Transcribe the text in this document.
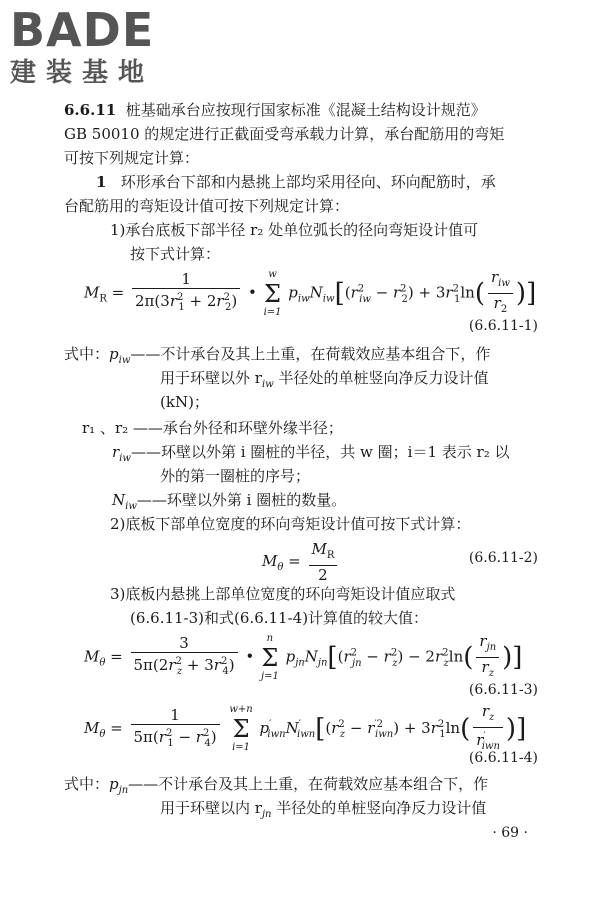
BADE
建装基地
6.6.11 桩基础承台应按现行国家标准《混凝土结构设计规范》
GB 50010 的规定进行正截面受弯承载力计算，承台配筋用的弯矩
可按下列规定计算：
1 环形承台下部和内悬挑上部均采用径向、环向配筋时，承
台配筋用的弯矩设计值可按下列规定计算：
1)承台底板下部半径 r₂ 处单位弧长的径向弯矩设计值可
按下式计算：
$M_R = \frac{1}{2\pi(3r^2_1 + 2r^2_2)}$ •
w
Σ
i=1
$p_{iw}N_{iw}[(r^2_{iw} - r^2_2) + 3r^2_1\ln( \frac{r_{iw}}{r_2}$ )]
(6.6.11-1)
式中：$p_{iw}——$不计承台及其上土重，在荷载效应基本组合下，作
用于环壁以外 $r_{iw}$ 半径处的单桩竖向净反力设计值
(kN)；
r₁ 、r₂ ——承台外径和环壁外缘半径；
$r_{iw}——$环壁以外第 i 圈桩的半径，共 w 圈；i＝1 表示 r₂ 以
外的第一圈桩的序号；
$N_{iw}——$环壁以外第 i 圈桩的数量。
2)底板下部单位宽度的环向弯矩设计值可按下式计算：
$M_\theta = \frac{M_R}{2}$	(6.6.11-2)
3)底板内悬挑上部单位宽度的环向弯矩设计值应取式
(6.6.11-3)和式(6.6.11-4)计算值的较大值：
$M_\theta = \frac{3}{5\pi(2r^2_z + 3r^2_4)}$ •
n
Σ
j=1
$p_{jn}N_{jn}[(r^2_{jn} - r^2_z) - 2r^2_z\ln( \frac{r_{jn}}{r_z}$ )]
(6.6.11-3)
$M_\theta = \frac{1}{5\pi(r^2_1 - r^2_4)}$
w+n
Σ
i=1
$p'_{iwn}N'_{iwn}[(r^2_z - r^{'2}_{iwn}) + 3r^2_1\ln( \frac{r_z}{r'_{iwn}}$ )]
(6.6.11-4)
式中：$p_{jn}——$不计承台及其上土重，在荷载效应基本组合下，作
用于环壁以内 $r_{jn}$ 半径处的单桩竖向净反力设计值
· 69 ·
